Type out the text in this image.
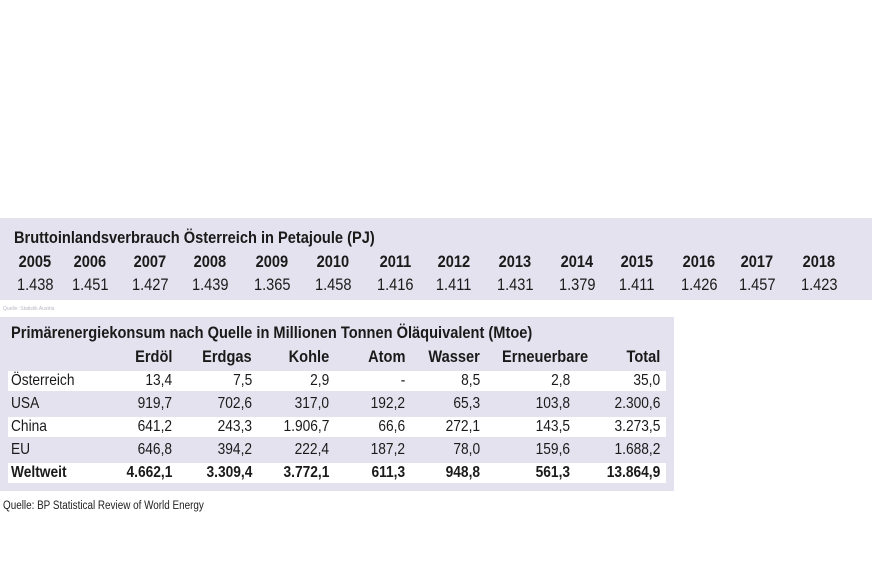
Bruttoinlandsverbrauch Österreich in Petajoule (PJ)
2005	2006	2007	2008	2009	2010	2011	2012	2013	2014	2015	2016	2017	2018
1.438	1.451	1.427	1.439	1.365	1.458	1.416	1.411	1.431	1.379	1.411	1.426	1.457	1.423
Quelle: Statistik Austria
Primärenergiekonsum nach Quelle in Millionen Tonnen Öläquivalent (Mtoe)
Erdöl	Erdgas	Kohle	Atom	Wasser	Erneuerbare	Total
Österreich	13,4	7,5	2,9	-	8,5	2,8	35,0
USA	919,7	702,6	317,0	192,2	65,3	103,8	2.300,6
China	641,2	243,3	1.906,7	66,6	272,1	143,5	3.273,5
EU	646,8	394,2	222,4	187,2	78,0	159,6	1.688,2
Weltweit	4.662,1	3.309,4	3.772,1	611,3	948,8	561,3	13.864,9
Quelle: BP Statistical Review of World Energy
